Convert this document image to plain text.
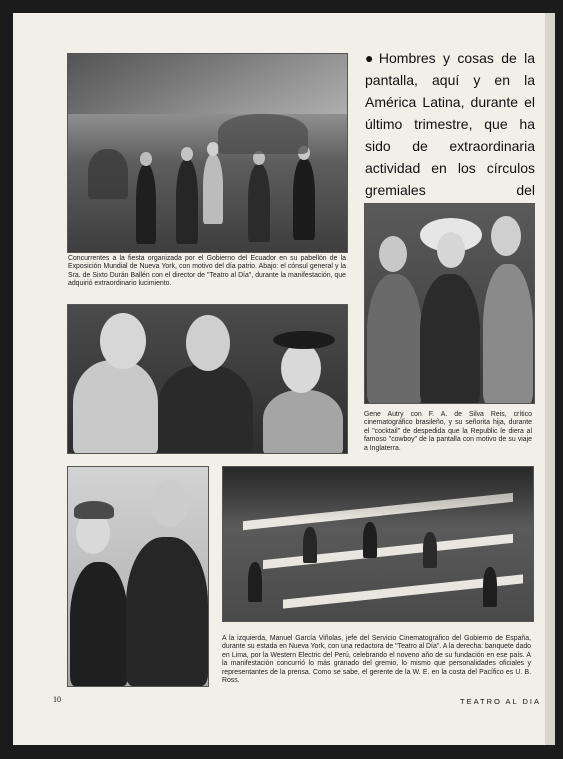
Concurrentes a la fiesta organizada por el Gobierno del Ecuador en su pabellón de la Exposición Mundial de Nueva York, con motivo del día patrio. Abajo: el cónsul general y la Sra. de Sixto Durán Ballén con el director de "Teatro al Día", durante la manifestación, que adquirió extraordinario lucimiento.

● Hombres y cosas de la pantalla, aquí y en la América Latina, durante el último trimestre, que ha sido de extraordinaria actividad en los círculos gremiales del

Gene Autry con F. A. de Silva Reis, crítico cinematográfico brasileño, y su señorita hija, durante el "cocktail" de despedida que la Republic le diera al famoso "cowboy" de la pantalla con motivo de su viaje a Inglaterra.

A la izquierda, Manuel García Viñolas, jefe del Servicio Cinematográfico del Gobierno de España, durante su estada en Nueva York, con una redactora de "Teatro al Día". A la derecha: banquete dado en Lima, por la Western Electric del Perú, celebrando el noveno año de su fundación en ese país. A la manifestación concurrió lo más granado del gremio, lo mismo que personalidades oficiales y representantes de la prensa. Como se sabe, el gerente de la W. E. en la costa del Pacífico es U. B. Ross.

10	TEATRO AL DIA
